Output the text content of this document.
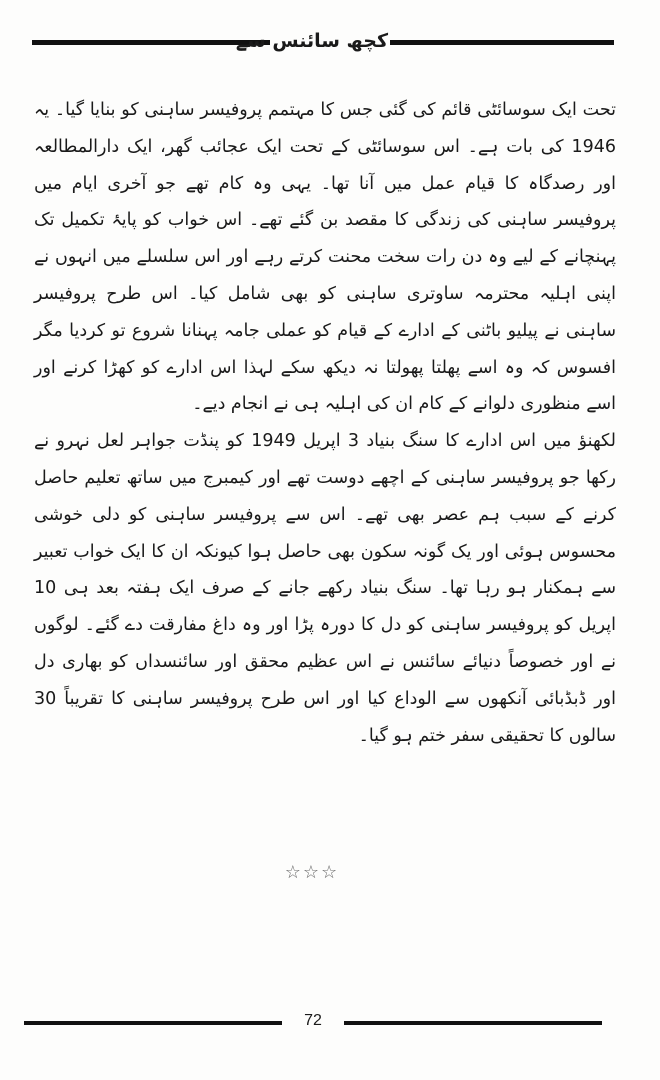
کچھ سائنس سے

تحت ایک سوسائٹی قائم کی گئی جس کا مہتمم پروفیسر ساہنی کو بنایا گیا۔ یہ 1946 کی بات ہے۔ اس سوسائٹی کے تحت ایک عجائب گھر، ایک دارالمطالعہ اور رصدگاہ کا قیام عمل میں آنا تھا۔ یہی وہ کام تھے جو آخری ایام میں پروفیسر ساہنی کی زندگی کا مقصد بن گئے تھے۔ اس خواب کو پایۂ تکمیل تک پہنچانے کے لیے وہ دن رات سخت محنت کرتے رہے اور اس سلسلے میں انہوں نے اپنی اہلیہ محترمہ ساوتری ساہنی کو بھی شامل کیا۔ اس طرح پروفیسر ساہنی نے پیلیو باٹنی کے ادارے کے قیام کو عملی جامہ پہنانا شروع تو کردیا مگر افسوس کہ وہ اسے پھلتا پھولتا نہ دیکھ سکے لہذا اس ادارے کو کھڑا کرنے اور اسے منظوری دلوانے کے کام ان کی اہلیہ ہی نے انجام دیے۔

لکھنؤ میں اس ادارے کا سنگ بنیاد 3 اپریل 1949 کو پنڈت جواہر لعل نہرو نے رکھا جو پروفیسر ساہنی کے اچھے دوست تھے اور کیمبرج میں ساتھ تعلیم حاصل کرنے کے سبب ہم عصر بھی تھے۔ اس سے پروفیسر ساہنی کو دلی خوشی محسوس ہوئی اور یک گونہ سکون بھی حاصل ہوا کیونکہ ان کا ایک خواب تعبیر سے ہمکنار ہو رہا تھا۔ سنگ بنیاد رکھے جانے کے صرف ایک ہفتہ بعد ہی 10 اپریل کو پروفیسر ساہنی کو دل کا دورہ پڑا اور وہ داغ مفارقت دے گئے۔ لوگوں نے اور خصوصاً دنیائے سائنس نے اس عظیم محقق اور سائنسداں کو بھاری دل اور ڈبڈبائی آنکھوں سے الوداع کیا اور اس طرح پروفیسر ساہنی کا تقریباً 30 سالوں کا تحقیقی سفر ختم ہو گیا۔

☆☆☆
72
